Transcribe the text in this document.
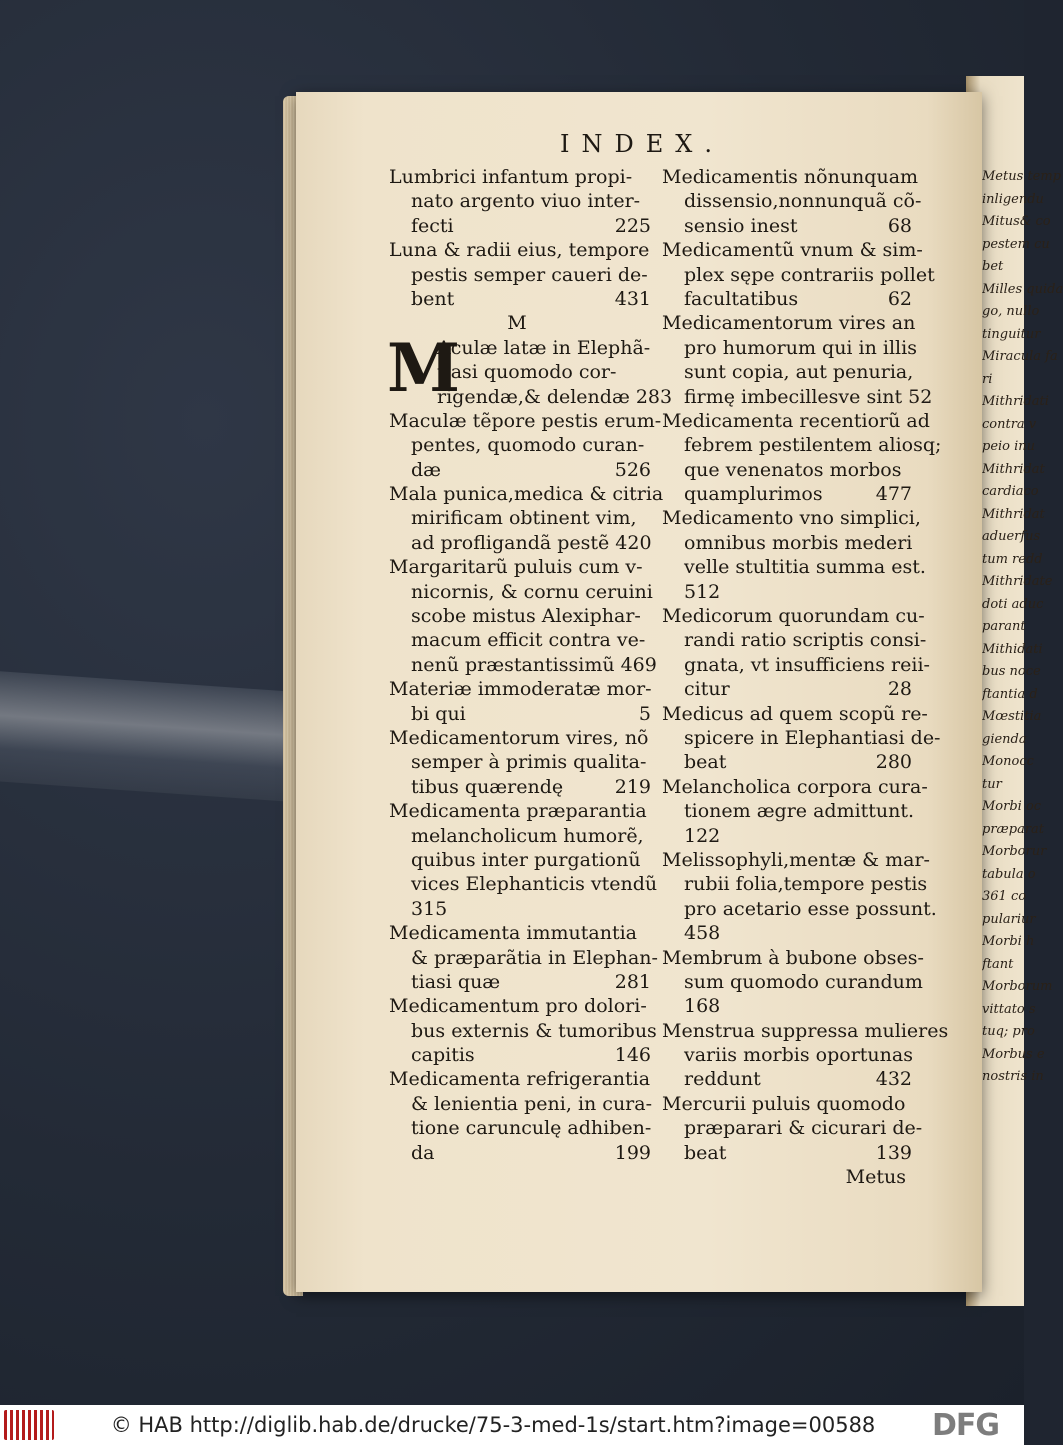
Metus temp
inligendu
Mitus& co
pestem cu
bet
Milles quida
go, nullo
tinguitur
Miracula fa
ri
Mithridati
contra v
peio inu
Mithridat
cardiaco
Mithridat
aduerfus
tum redd
Mithridate
doti aduc
parant
Mithidati
bus noce
ftantia d
Mœstitia
gienda
Monocc
tur
Morbi oc
præparat
Morborur
tabula o
361 co
pulariur
Morbi h
ftant
Morborum
vittato s
tuq; pro
Morbus e
nostris in
INDEX.
M
Lumbrici infantum propi-
nato argento viuo inter-
fecti	225
Luna & radii eius, tempore
pestis semper caueri de-
bent	431
M
Aculæ latæ in Elephã-
tiasi quomodo cor-
rigendæ,& delendæ 283
Maculæ tẽpore pestis erum-
pentes, quomodo curan-
dæ	526
Mala punica,medica & citria
mirificam obtinent vim,
ad profligandã pestẽ 420
Margaritarũ puluis cum v-
nicornis, & cornu ceruini
scobe mistus Alexiphar-
macum efficit contra ve-
nenũ præstantissimũ 469
Materiæ immoderatæ mor-
bi qui	5
Medicamentorum vires, nõ
semper à primis qualita-
tibus quærendę	219
Medicamenta præparantia
melancholicum humorẽ,
quibus inter purgationũ
vices Elephanticis vtendũ
315
Medicamenta immutantia
& præparãtia in Elephan-
tiasi quæ	281
Medicamentum pro dolori-
bus externis & tumoribus
capitis	146
Medicamenta refrigerantia
& lenientia peni, in cura-
tione carunculę adhiben-
da	199
Medicamentis nõnunquam
dissensio,nonnunquã cõ-
sensio inest	68
Medicamentũ vnum & sim-
plex sępe contrariis pollet
facultatibus	62
Medicamentorum vires an
pro humorum qui in illis
sunt copia, aut penuria,
firmę imbecillesve sint 52
Medicamenta recentiorũ ad
febrem pestilentem aliosq;
que venenatos morbos
quamplurimos	477
Medicamento vno simplici,
omnibus morbis mederi
velle stultitia summa est.
512
Medicorum quorundam cu-
randi ratio scriptis consi-
gnata, vt insufficiens reii-
citur	28
Medicus ad quem scopũ re-
spicere in Elephantiasi de-
beat	280
Melancholica corpora cura-
tionem ægre admittunt.
122
Melissophyli,mentæ & mar-
rubii folia,tempore pestis
pro acetario esse possunt.
458
Membrum à bubone obses-
sum quomodo curandum
168
Menstrua suppressa mulieres
variis morbis oportunas
reddunt	432
Mercurii puluis quomodo
præparari & cicurari de-
beat	139
Metus
© HAB http://diglib.hab.de/drucke/75-3-med-1s/start.htm?image=00588	DFG
